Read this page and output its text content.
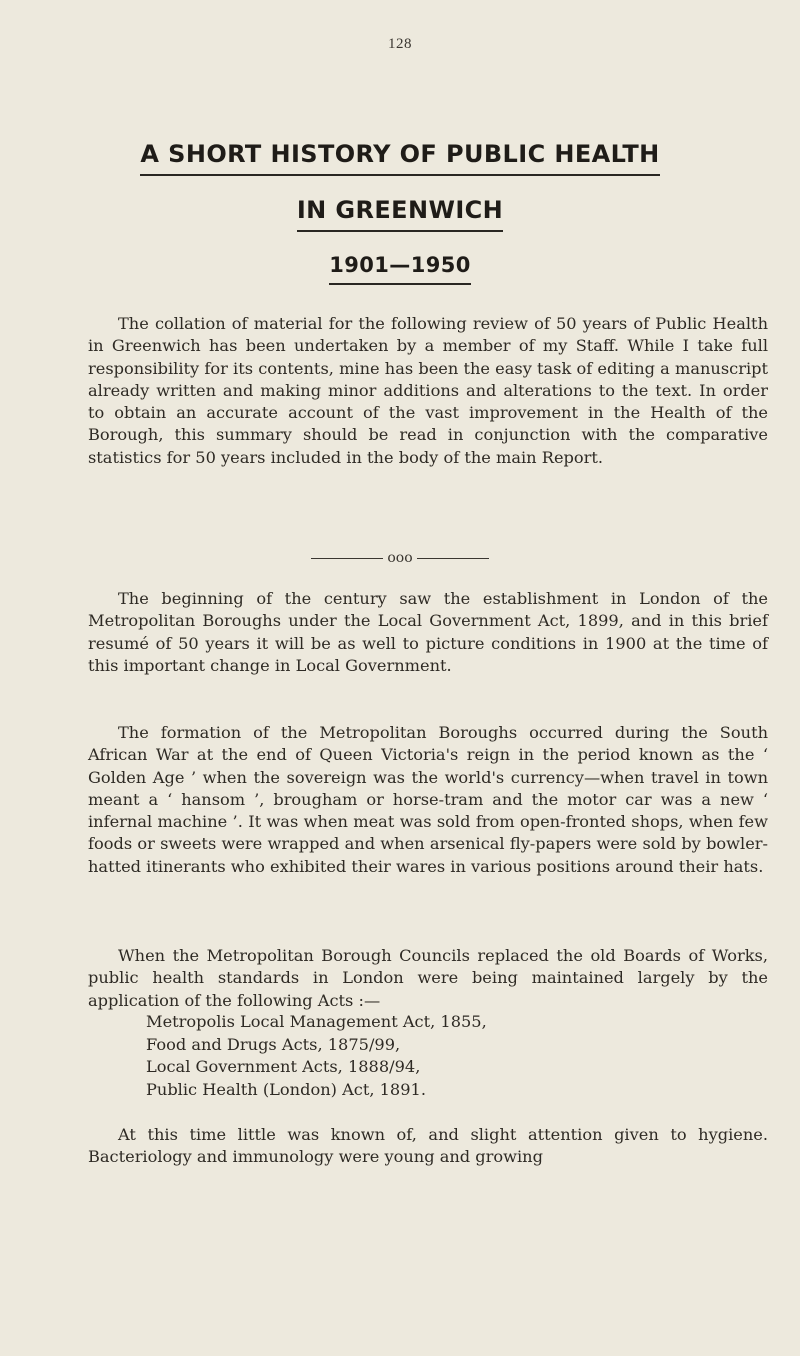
128
A SHORT HISTORY OF PUBLIC HEALTH
IN GREENWICH
1901—1950

The collation of material for the following review of 50 years of Public Health in Greenwich has been undertaken by a member of my Staff. While I take full responsibility for its contents, mine has been the easy task of editing a manuscript already written and making minor additions and alterations to the text. In order to obtain an accurate account of the vast improvement in the Health of the Borough, this summary should be read in conjunction with the comparative statistics for 50 years included in the body of the main Report.

ooo

The beginning of the century saw the establishment in London of the Metropolitan Boroughs under the Local Government Act, 1899, and in this brief resumé of 50 years it will be as well to picture conditions in 1900 at the time of this important change in Local Government.

The formation of the Metropolitan Boroughs occurred during the South African War at the end of Queen Victoria's reign in the period known as the ‘ Golden Age ’ when the sovereign was the world's currency—when travel in town meant a ‘ hansom ’, brougham or horse-tram and the motor car was a new ‘ infernal machine ’. It was when meat was sold from open-fronted shops, when few foods or sweets were wrapped and when arsenical fly-papers were sold by bowler-hatted itinerants who exhibited their wares in various positions around their hats.

When the Metropolitan Borough Councils replaced the old Boards of Works, public health standards in London were being maintained largely by the application of the following Acts :—

Metropolis Local Management Act, 1855,
Food and Drugs Acts, 1875/99,
Local Government Acts, 1888/94,
Public Health (London) Act, 1891.

At this time little was known of, and slight attention given to hygiene. Bacteriology and immunology were young and growing
